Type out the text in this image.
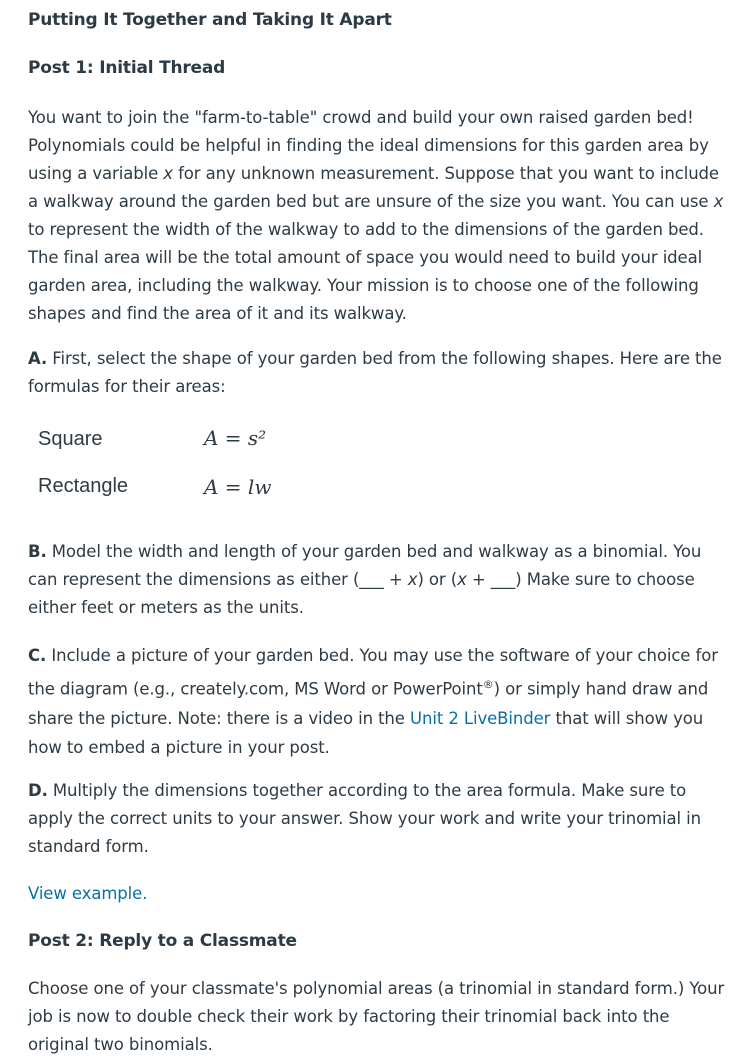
Putting It Together and Taking It Apart
Post 1: Initial Thread
You want to join the "farm-to-table" crowd and build your own raised garden bed! Polynomials could be helpful in finding the ideal dimensions for this garden area by using a variable x for any unknown measurement. Suppose that you want to include a walkway around the garden bed but are unsure of the size you want. You can use x to represent the width of the walkway to add to the dimensions of the garden bed. The final area will be the total amount of space you would need to build your ideal garden area, including the walkway. Your mission is to choose one of the following shapes and find the area of it and its walkway.
A. First, select the shape of your garden bed from the following shapes. Here are the formulas for their areas:
Square	A = s²
Rectangle	A = lw
B. Model the width and length of your garden bed and walkway as a binomial. You can represent the dimensions as either (___ + x) or (x + ___) Make sure to choose either feet or meters as the units.
C. Include a picture of your garden bed. You may use the software of your choice for the diagram (e.g., creately.com, MS Word or PowerPoint®) or simply hand draw and share the picture. Note: there is a video in the Unit 2 LiveBinder that will show you how to embed a picture in your post.
D. Multiply the dimensions together according to the area formula. Make sure to apply the correct units to your answer. Show your work and write your trinomial in standard form.
View example.
Post 2: Reply to a Classmate
Choose one of your classmate's polynomial areas (a trinomial in standard form.) Your job is now to double check their work by factoring their trinomial back into the original two binomials.
